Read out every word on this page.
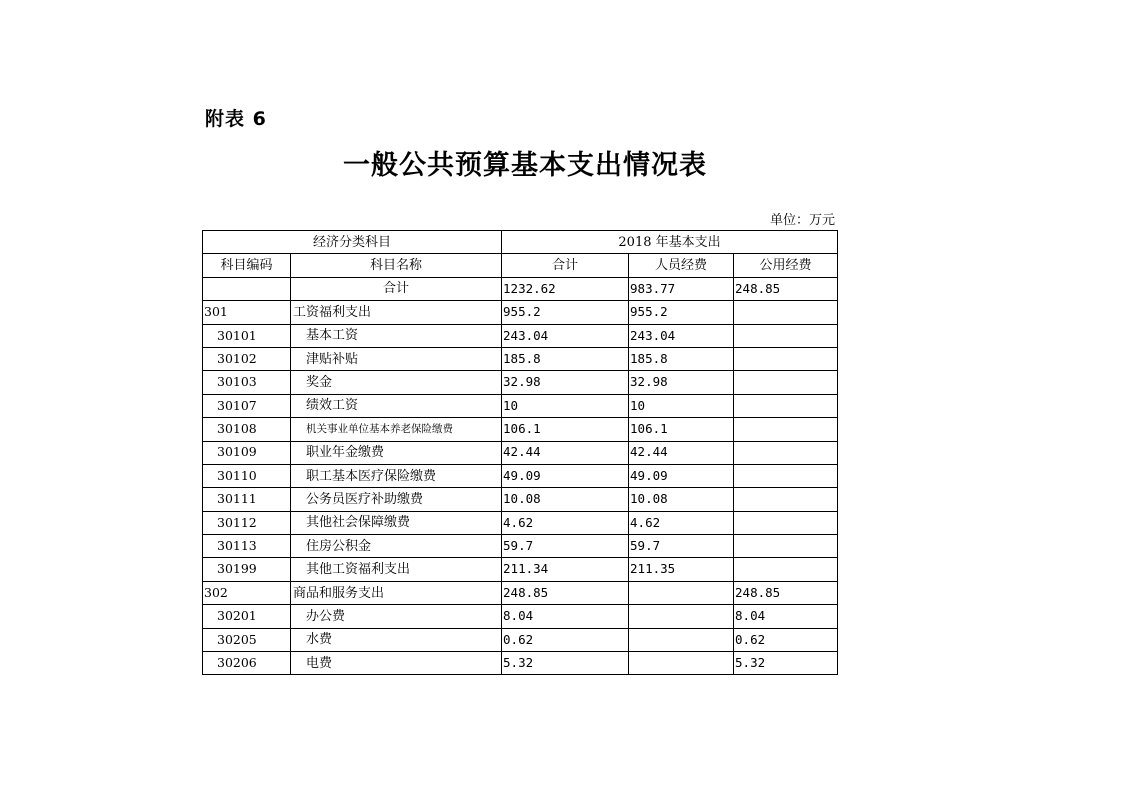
附表 6
一般公共预算基本支出情况表
单位：万元
经济分类科目		2018 年基本支出		
科目编码	科目名称	合计	人员经费	公用经费
	合计	1232.62	983.77	248.85
301	工资福利支出	955.2	955.2	
30101	基本工资	243.04	243.04	
30102	津贴补贴	185.8	185.8	
30103	奖金	32.98	32.98	
30107	绩效工资	10	10	
30108	机关事业单位基本养老保险缴费	106.1	106.1	
30109	职业年金缴费	42.44	42.44	
30110	职工基本医疗保险缴费	49.09	49.09	
30111	公务员医疗补助缴费	10.08	10.08	
30112	其他社会保障缴费	4.62	4.62	
30113	住房公积金	59.7	59.7	
30199	其他工资福利支出	211.34	211.35	
302	商品和服务支出	248.85		248.85
30201	办公费	8.04		8.04
30205	水费	0.62		0.62
30206	电费	5.32		5.32
